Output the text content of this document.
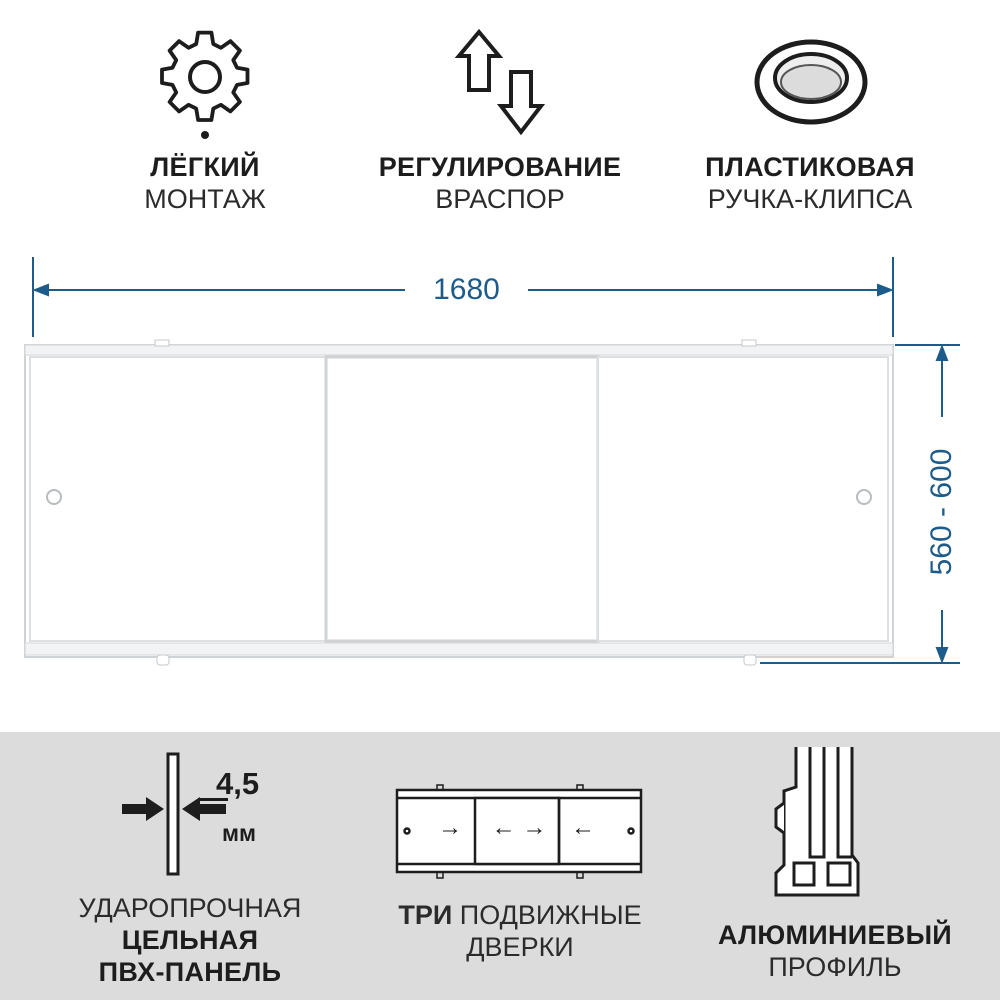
ЛЁГКИЙ
МОНТАЖ
РЕГУЛИРОВАНИЕ
ВРАСПОР
ПЛАСТИКОВАЯ
РУЧКА-КЛИПСА
1680
560 - 600
4,5
мм
УДАРОПРОЧНАЯ
ЦЕЛЬНАЯ
ПВХ-ПАНЕЛЬ
→	← →	←
ТРИ ПОДВИЖНЫЕ
ДВЕРКИ	АЛЮМИНИЕВЫЙ
ПРОФИЛЬ
